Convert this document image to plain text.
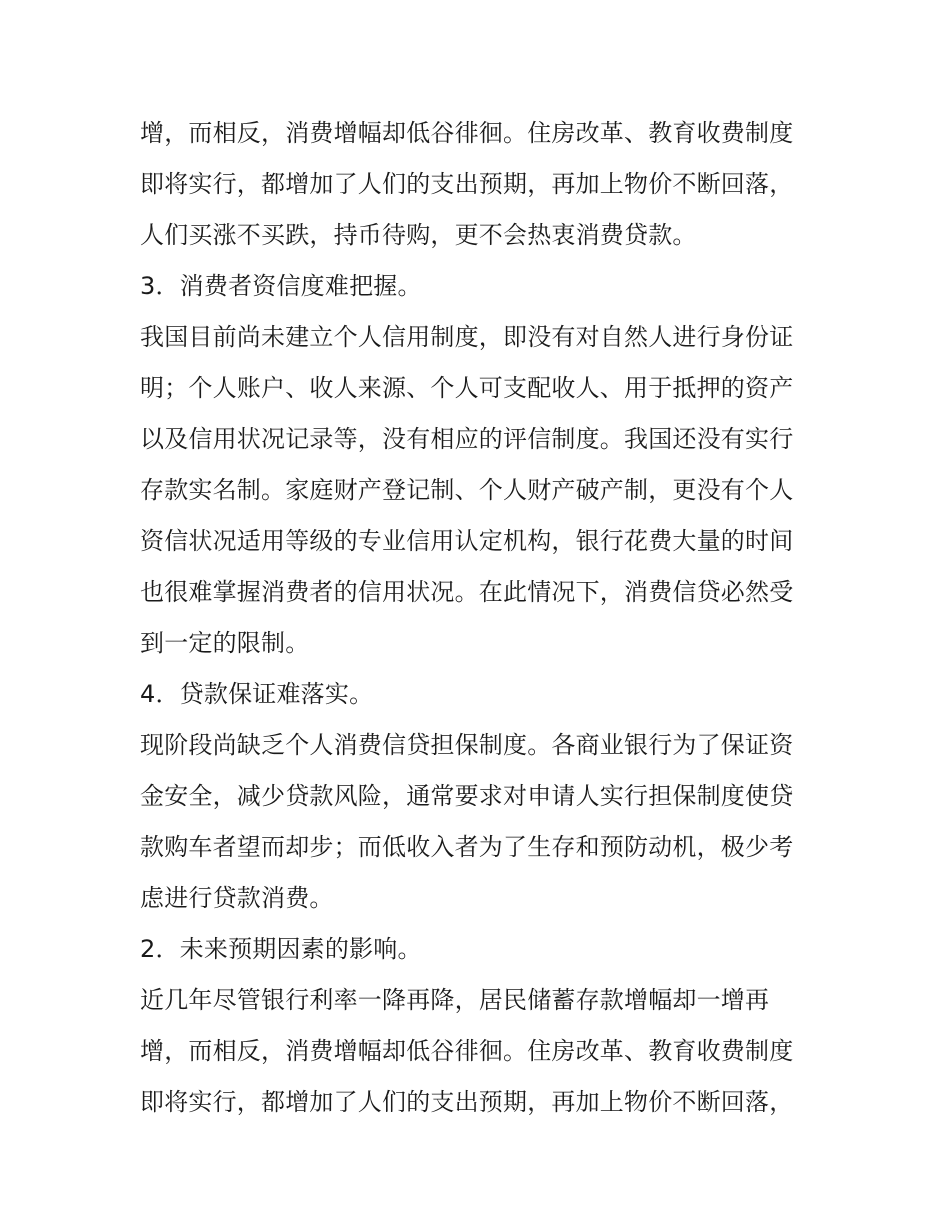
增，而相反，消费增幅却低谷徘徊。住房改革、教育收费制度
即将实行，都增加了人们的支出预期，再加上物价不断回落，
人们买涨不买跌，持币待购，更不会热衷消费贷款。
3．消费者资信度难把握。
我国目前尚未建立个人信用制度，即没有对自然人进行身份证
明；个人账户、收人来源、个人可支配收人、用于抵押的资产
以及信用状况记录等，没有相应的评信制度。我国还没有实行
存款实名制。家庭财产登记制、个人财产破产制，更没有个人
资信状况适用等级的专业信用认定机构，银行花费大量的时间
也很难掌握消费者的信用状况。在此情况下，消费信贷必然受
到一定的限制。
4．贷款保证难落实。
现阶段尚缺乏个人消费信贷担保制度。各商业银行为了保证资
金安全，减少贷款风险，通常要求对申请人实行担保制度使贷
款购车者望而却步；而低收入者为了生存和预防动机，极少考
虑进行贷款消费。
2．未来预期因素的影响。
近几年尽管银行利率一降再降，居民储蓄存款增幅却一增再
增，而相反，消费增幅却低谷徘徊。住房改革、教育收费制度
即将实行，都增加了人们的支出预期，再加上物价不断回落，
